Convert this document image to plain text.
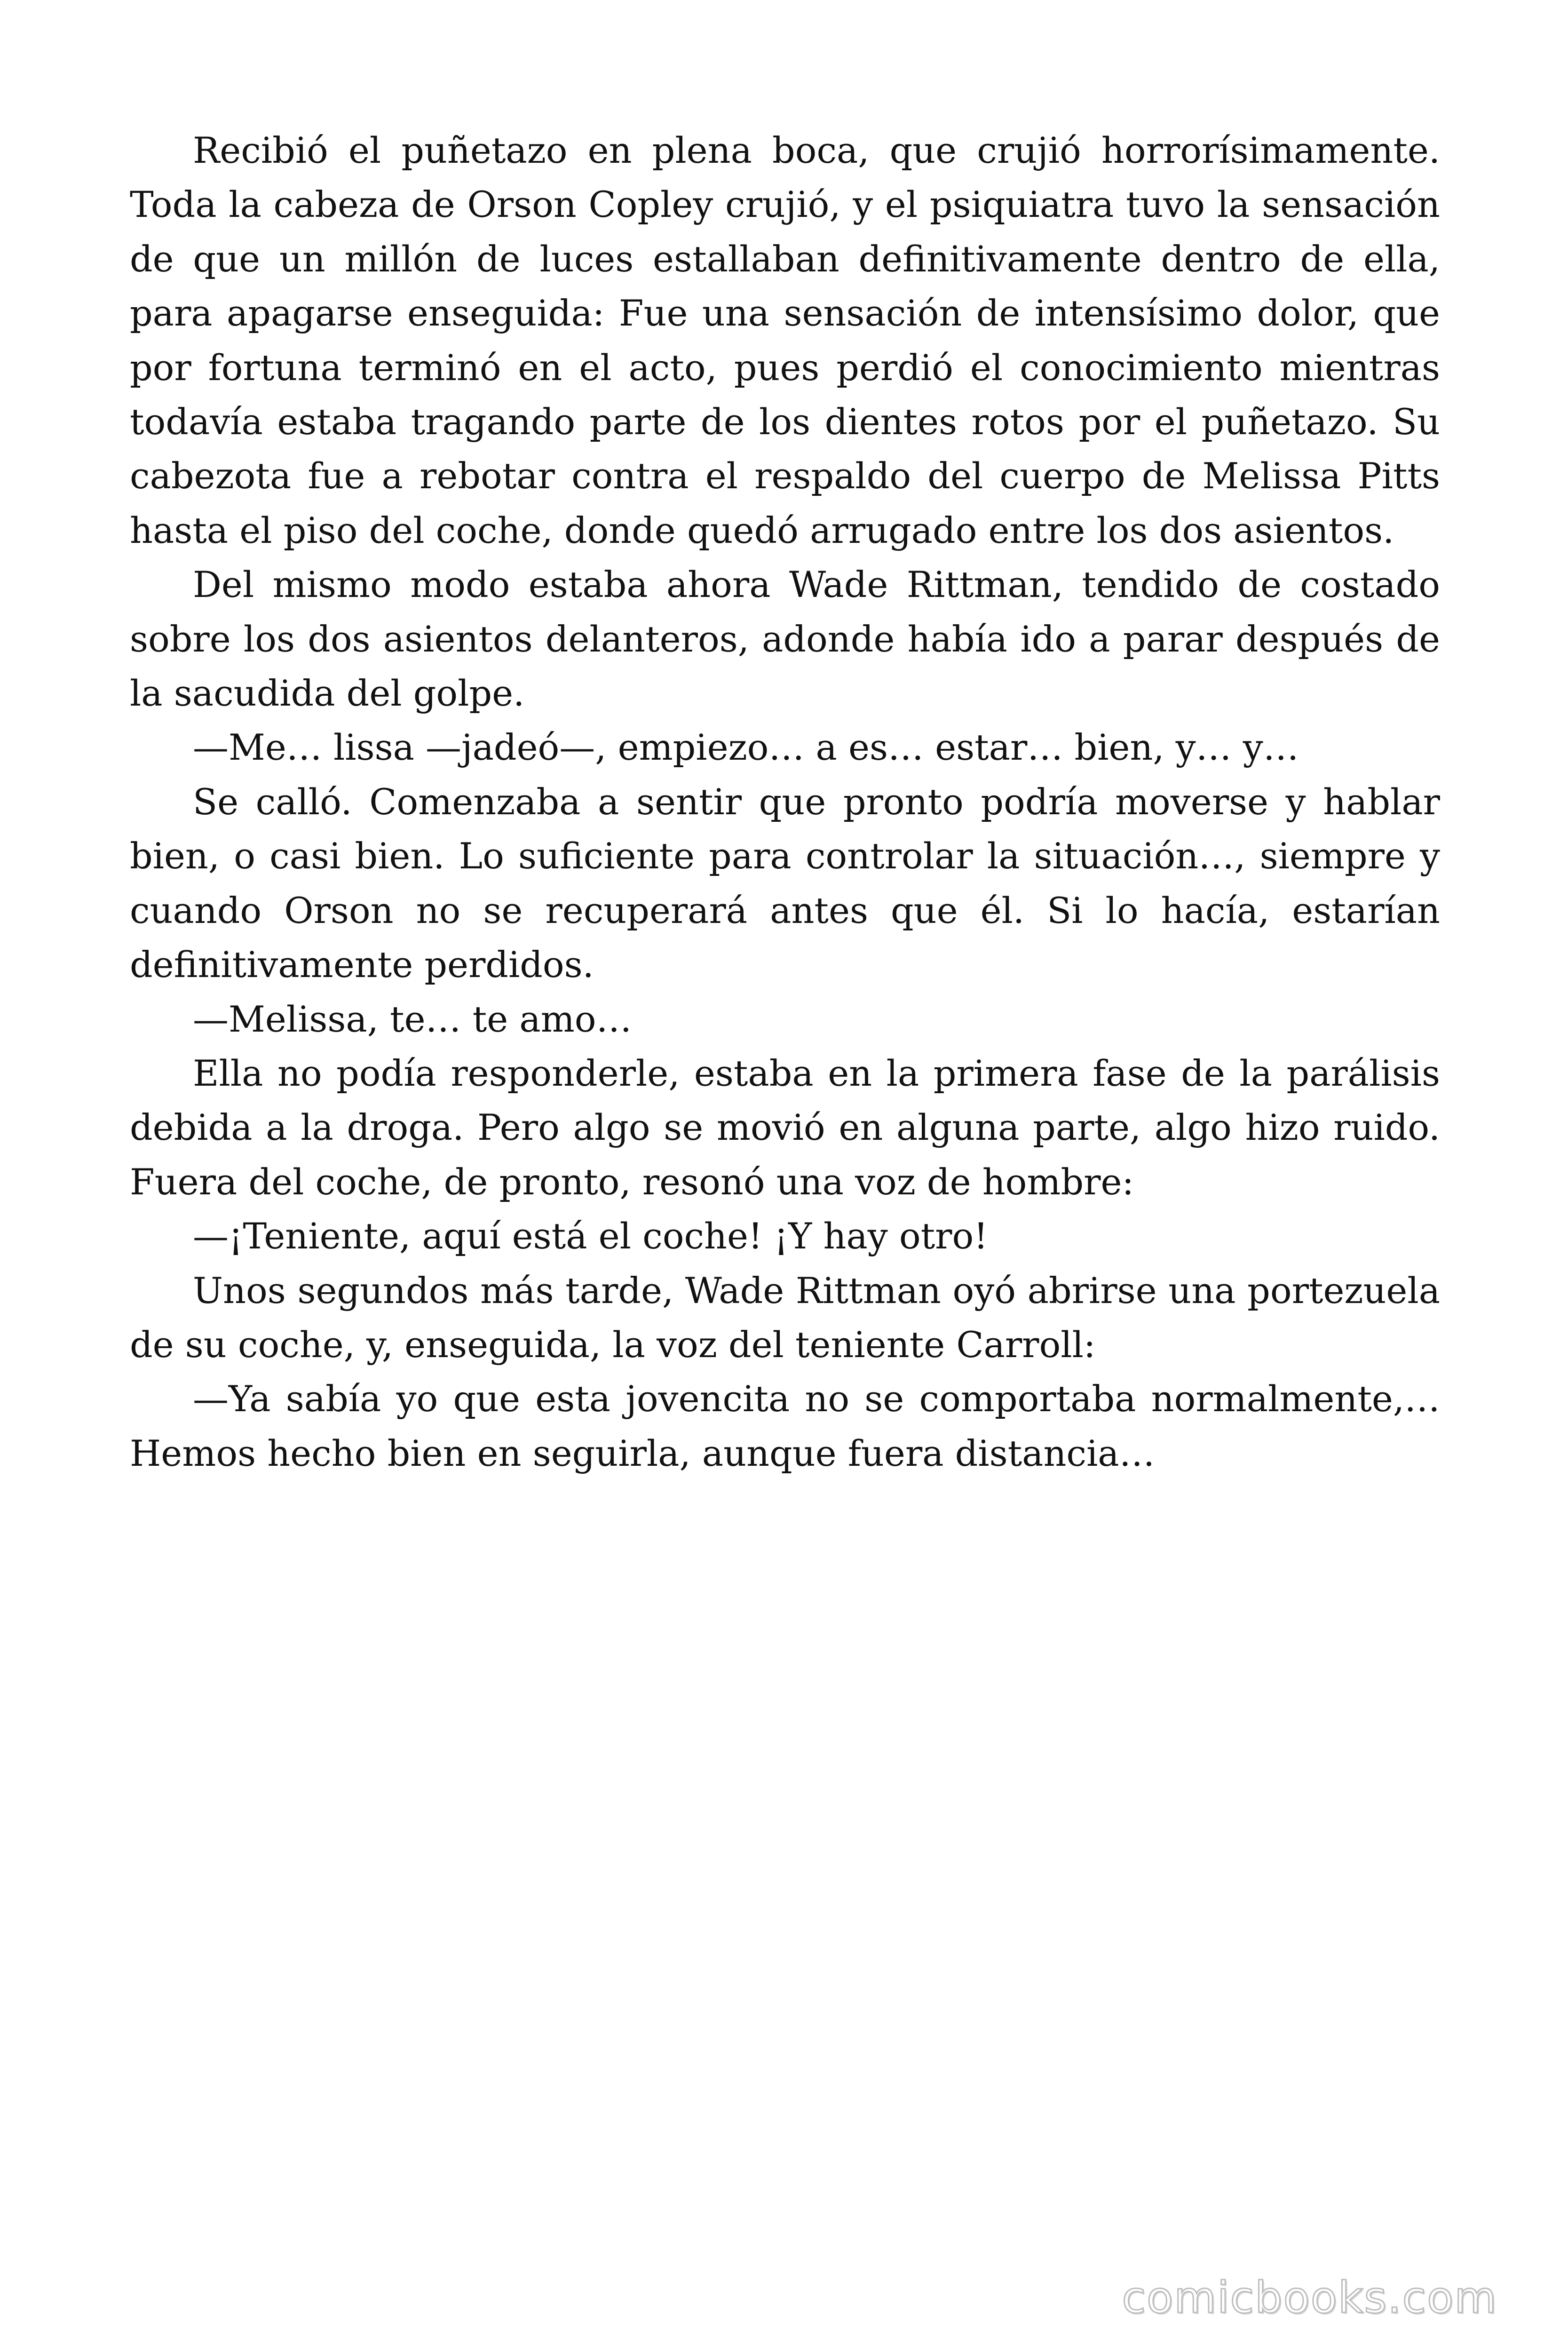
Recibió el puñetazo en plena boca, que crujió horrorísimamente. Toda la cabeza de Orson Copley crujió, y el psiquiatra tuvo la sensación de que un millón de luces estallaban definitivamente dentro de ella, para apagarse enseguida: Fue una sensación de intensísimo dolor, que por fortuna terminó en el acto, pues perdió el conocimiento mientras todavía estaba tragando parte de los dientes rotos por el puñetazo. Su cabezota fue a rebotar contra el respaldo del cuerpo de Melissa Pitts hasta el piso del coche, donde quedó arrugado entre los dos asientos.

Del mismo modo estaba ahora Wade Rittman, tendido de costado sobre los dos asientos delanteros, adonde había ido a parar después de la sacudida del golpe.

—Me… lissa —jadeó—, empiezo… a es… estar… bien, y… y…

Se calló. Comenzaba a sentir que pronto podría moverse y hablar bien, o casi bien. Lo suficiente para controlar la situación…, siempre y cuando Orson no se recuperará antes que él. Si lo hacía, estarían definitivamente perdidos.

—Melissa, te… te amo…

Ella no podía responderle, estaba en la primera fase de la parálisis debida a la droga. Pero algo se movió en alguna parte, algo hizo ruido. Fuera del coche, de pronto, resonó una voz de hombre:

—¡Teniente, aquí está el coche! ¡Y hay otro!

Unos segundos más tarde, Wade Rittman oyó abrirse una portezuela de su coche, y, enseguida, la voz del teniente Carroll:

—Ya sabía yo que esta jovencita no se comportaba normalmente,… Hemos hecho bien en seguirla, aunque fuera distancia…

comicbooks.com
